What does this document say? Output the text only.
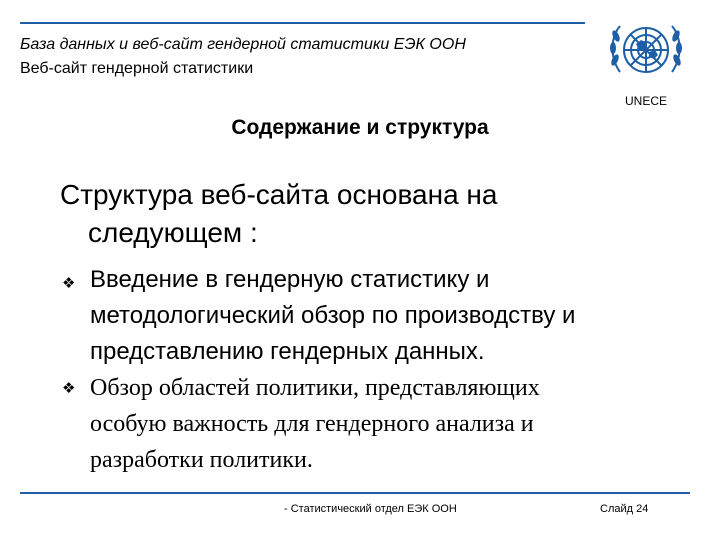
База данных и веб-сайт гендерной статистики ЕЭК ООН
Веб-сайт гендерной статистики
UNECE
Содержание и структура
Структура веб-сайта основана на
следующем :
❖ Введение в гендерную статистику и
методологический обзор по производству и
представлению гендерных данных.
❖ Обзор областей политики, представляющих
особую важность для гендерного анализа и
разработки политики.
- Статистический отдел ЕЭК ООН	Слайд 24
